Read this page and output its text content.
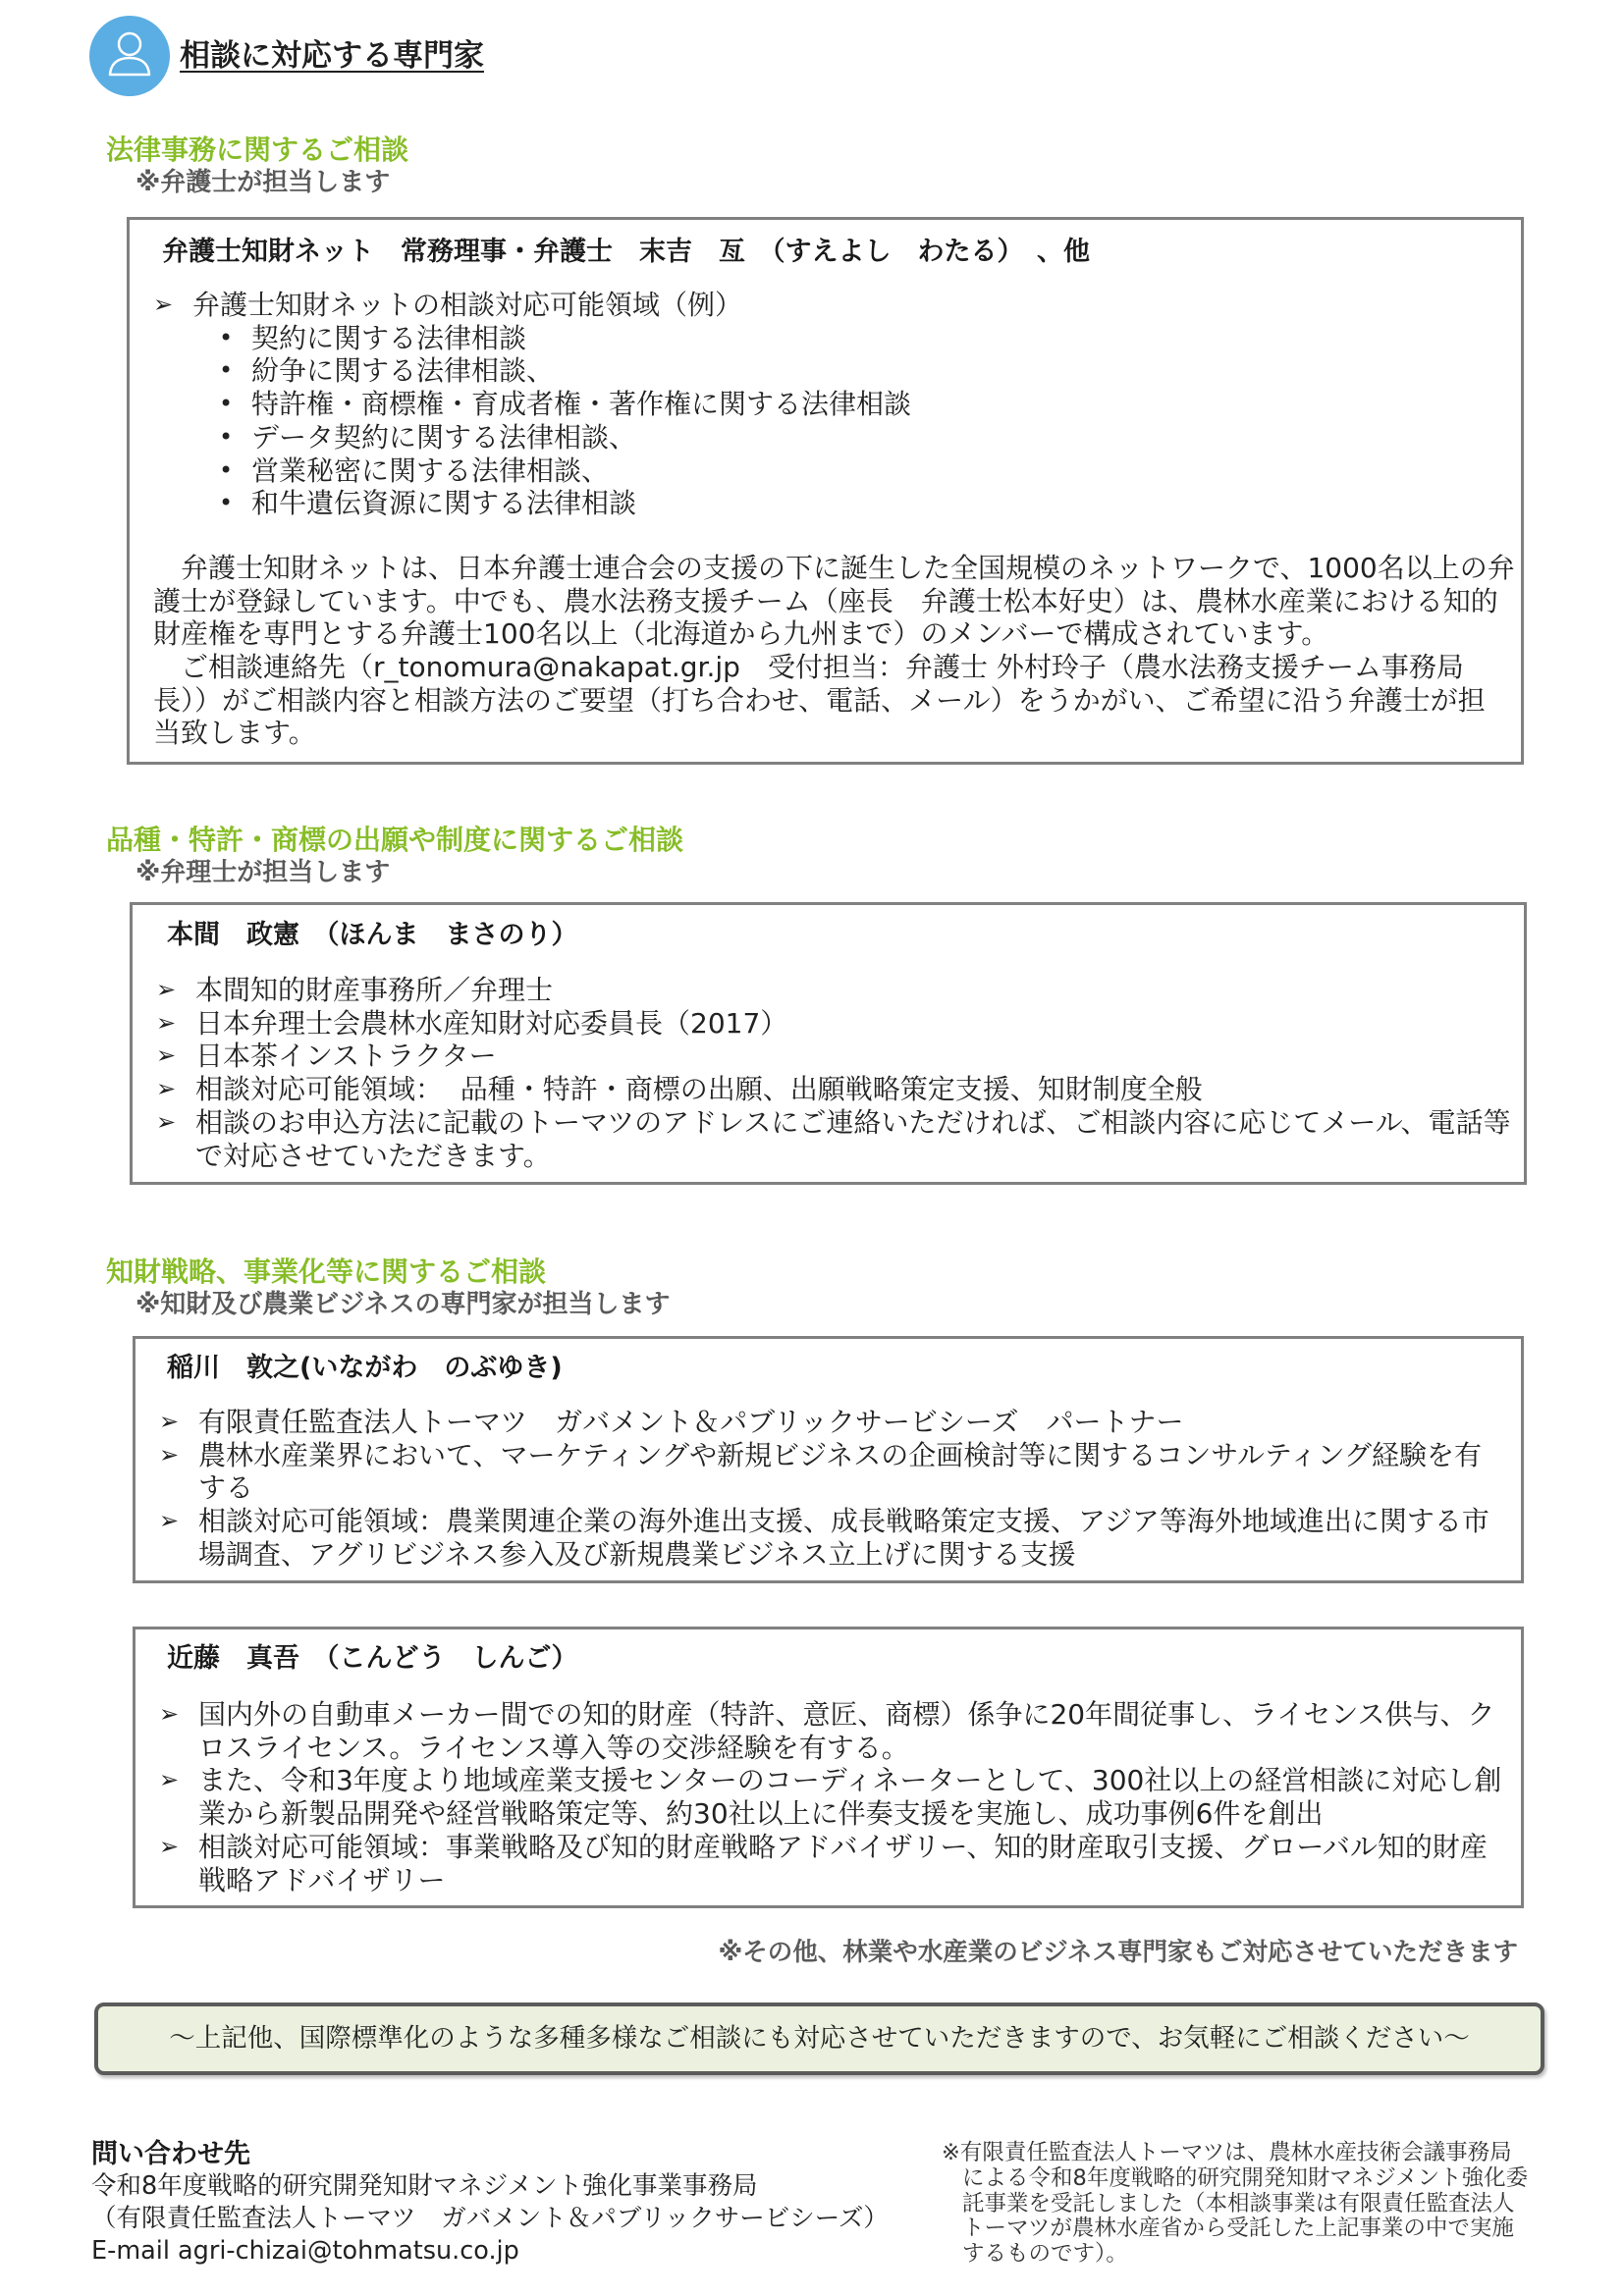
相談に対応する専門家
法律事務に関するご相談
※弁護士が担当します
弁護士知財ネット　常務理事・弁護士　末吉　亙　（すえよし　わたる）　、他
➢
弁護士知財ネットの相談対応可能領域（例）
•
契約に関する法律相談
•
紛争に関する法律相談、
•
特許権・商標権・育成者権・著作権に関する法律相談
•
データ契約に関する法律相談、
•
営業秘密に関する法律相談、
•
和牛遺伝資源に関する法律相談
　弁護士知財ネットは、日本弁護士連合会の支援の下に誕生した全国規模のネットワークで、1000名以上の弁
護士が登録しています。中でも、農水法務支援チーム（座長　弁護士松本好史）は、農林水産業における知的
財産権を専門とする弁護士100名以上（北海道から九州まで）のメンバーで構成されています。
　ご相談連絡先（r_tonomura@nakapat.gr.jp　受付担当：弁護士 外村玲子（農水法務支援チーム事務局
長））がご相談内容と相談方法のご要望（打ち合わせ、電話、メール）をうかがい、ご希望に沿う弁護士が担
当致します。
品種・特許・商標の出願や制度に関するご相談
※弁理士が担当します
本間　政憲　（ほんま　まさのり）
➢
本間知的財産事務所／弁理士
➢
日本弁理士会農林水産知財対応委員長（2017）
➢
日本茶インストラクター
➢
相談対応可能領域：  品種・特許・商標の出願、出願戦略策定支援、知財制度全般
➢
相談のお申込方法に記載のトーマツのアドレスにご連絡いただければ、ご相談内容に応じてメール、電話等
で対応させていただきます。
知財戦略、事業化等に関するご相談
※知財及び農業ビジネスの専門家が担当します
稲川　敦之(いながわ　のぶゆき)
➢
有限責任監査法人トーマツ　ガバメント＆パブリックサービシーズ　パートナー
➢
農林水産業界において、マーケティングや新規ビジネスの企画検討等に関するコンサルティング経験を有
する
➢
相談対応可能領域：農業関連企業の海外進出支援、成長戦略策定支援、アジア等海外地域進出に関する市
場調査、アグリビジネス参入及び新規農業ビジネス立上げに関する支援
近藤　真吾　（こんどう　しんご）
➢
国内外の自動車メーカー間での知的財産（特許、意匠、商標）係争に20年間従事し、ライセンス供与、ク
ロスライセンス。ライセンス導入等の交渉経験を有する。
➢
また、令和3年度より地域産業支援センターのコーディネーターとして、300社以上の経営相談に対応し創
業から新製品開発や経営戦略策定等、約30社以上に伴奏支援を実施し、成功事例6件を創出
➢
相談対応可能領域：事業戦略及び知的財産戦略アドバイザリー、知的財産取引支援、グローバル知的財産
戦略アドバイザリー
※その他、林業や水産業のビジネス専門家もご対応させていただきます
～上記他、国際標準化のような多種多様なご相談にも対応させていただきますので、お気軽にご相談ください～
問い合わせ先
令和8年度戦略的研究開発知財マネジメント強化事業事務局
（有限責任監査法人トーマツ　ガバメント＆パブリックサービシーズ）
E-mail agri-chizai@tohmatsu.co.jp
※有限責任監査法人トーマツは、農林水産技術会議事務局
による令和8年度戦略的研究開発知財マネジメント強化委
託事業を受託しました（本相談事業は有限責任監査法人
トーマツが農林水産省から受託した上記事業の中で実施
するものです）。
